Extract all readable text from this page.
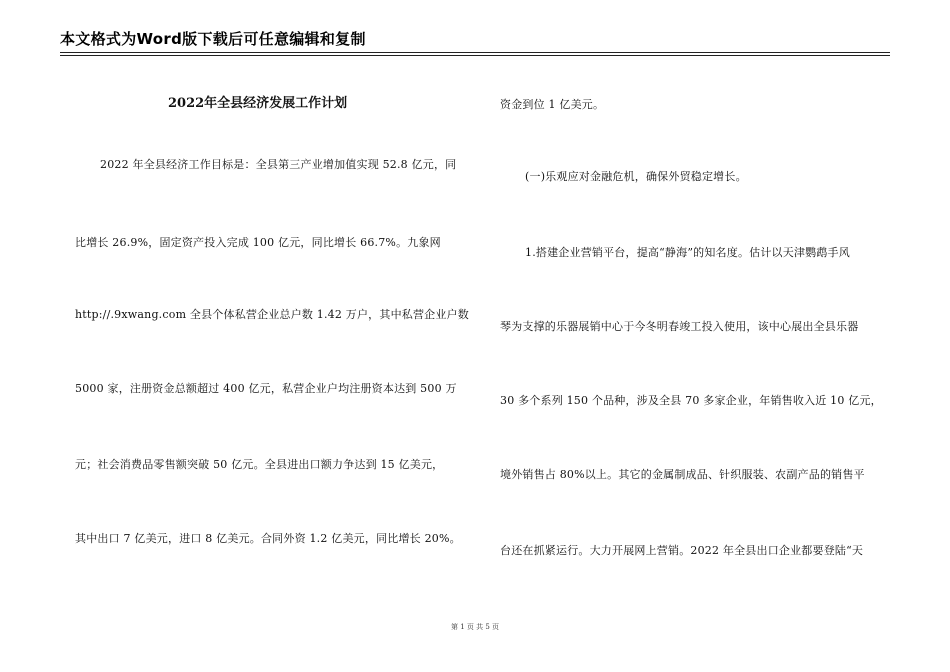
本文格式为Word版下载后可任意编辑和复制
2022年全县经济发展工作计划
2022 年全县经济工作目标是：全县第三产业增加值实现 52.8 亿元，同
比增长 26.9%，固定资产投入完成 100 亿元，同比增长 66.7%。九象网
http://.9xwang.com 全县个体私营企业总户数 1.42 万户，其中私营企业户数
5000 家，注册资金总额超过 400 亿元，私营企业户均注册资本达到 500 万
元；社会消费品零售额突破 50 亿元。全县进出口额力争达到 15 亿美元，
其中出口 7 亿美元，进口 8 亿美元。合同外资 1.2 亿美元，同比增长 20%。
资金到位 1 亿美元。
(一)乐观应对金融危机，确保外贸稳定增长。
1.搭建企业营销平台，提高“静海”的知名度。估计以天津鹦鹉手风
琴为支撑的乐器展销中心于今冬明春竣工投入使用，该中心展出全县乐器
30 多个系列 150 个品种，涉及全县 70 多家企业，年销售收入近 10 亿元，
境外销售占 80%以上。其它的金属制成品、针织服装、农副产品的销售平
台还在抓紧运行。大力开展网上营销。2022 年全县出口企业都要登陆“天
第 1 页 共 5 页
